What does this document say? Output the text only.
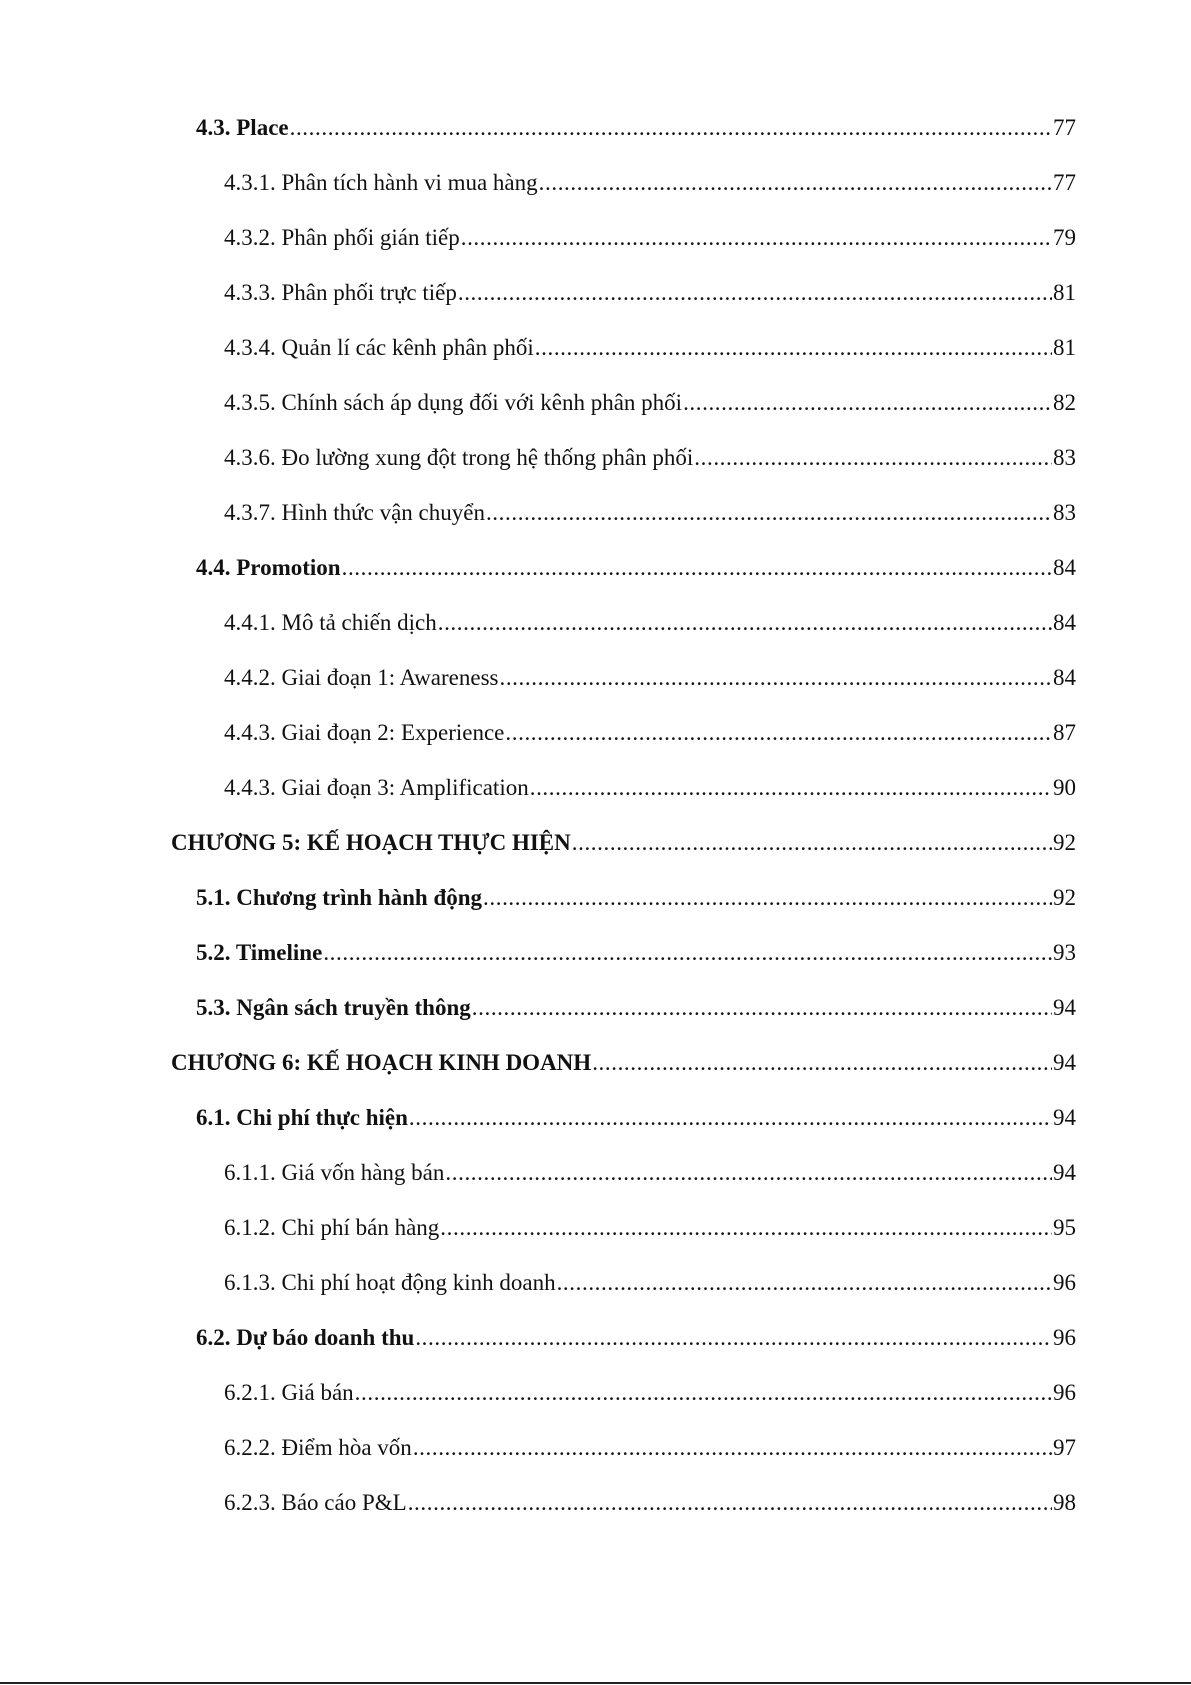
4.3. Place .....	77
4.3.1. Phân tích hành vi mua hàng .....	77
4.3.2. Phân phối gián tiếp .....	79
4.3.3. Phân phối trực tiếp .....	81
4.3.4. Quản lí các kênh phân phối .....	81
4.3.5. Chính sách áp dụng đối với kênh phân phối .....	82
4.3.6. Đo lường xung đột trong hệ thống phân phối .....	83
4.3.7. Hình thức vận chuyển .....	83
4.4. Promotion .....	84
4.4.1. Mô tả chiến dịch .....	84
4.4.2. Giai đoạn 1: Awareness .....	84
4.4.3. Giai đoạn 2: Experience .....	87
4.4.3. Giai đoạn 3: Amplification .....	90
CHƯƠNG 5: KẾ HOẠCH THỰC HIỆN .....	92
5.1. Chương trình hành động .....	92
5.2. Timeline .....	93
5.3. Ngân sách truyền thông .....	94
CHƯƠNG 6: KẾ HOẠCH KINH DOANH .....	94
6.1. Chi phí thực hiện .....	94
6.1.1. Giá vốn hàng bán .....	94
6.1.2. Chi phí bán hàng .....	95
6.1.3. Chi phí hoạt động kinh doanh .....	96
6.2. Dự báo doanh thu .....	96
6.2.1. Giá bán .....	96
6.2.2. Điểm hòa vốn .....	97
6.2.3. Báo cáo P&L .....	98
